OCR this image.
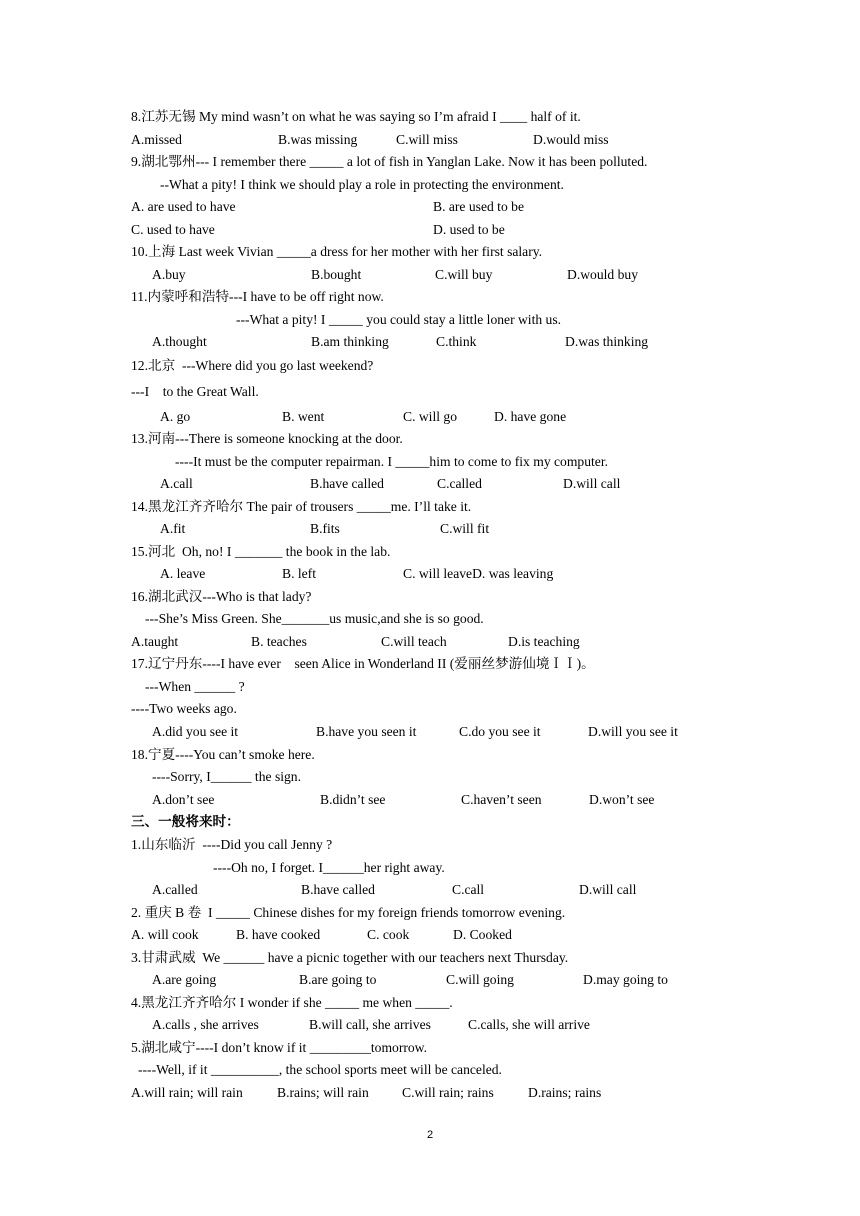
2
8.江苏无锡 My mind wasn’t on what he was saying so I’m afraid I ____ half of it.
A.missed	B.was missing	C.will miss	D.would miss
9.湖北鄂州--- I remember there _____ a lot of fish in Yanglan Lake. Now it has been polluted.
--What a pity! I think we should play a role in protecting the environment.
A. are used to have	B. are used to be
C. used to have	D. used to be
10.上海 Last week Vivian _____a dress for her mother with her first salary.
A.buy	B.bought	C.will buy	D.would buy
11.内蒙呼和浩特---I have to be off right now.
---What a pity! I _____ you could stay a little loner with us.
A.thought	B.am thinking	C.think	D.was thinking
12.北京  ---Where did you go last weekend?
---I    to the Great Wall.
A. go	B. went	C. will go	D. have gone
13.河南---There is someone knocking at the door.
----It must be the computer repairman. I _____him to come to fix my computer.
A.call	B.have called	C.called	D.will call
14.黑龙江齐齐哈尔 The pair of trousers _____me. I’ll take it.
A.fit	B.fits	C.will fit
15.河北  Oh, no! I _______ the book in the lab.
A. leave	B. left	C. will leaveD. was leaving
16.湖北武汉---Who is that lady?
---She’s Miss Green. She_______us music,and she is so good.
A.taught	B. teaches	C.will teach	D.is teaching
17.辽宁丹东----I have ever    seen Alice in Wonderland II (爱丽丝梦游仙境ＩＩ)。
---When ______ ?
----Two weeks ago.
A.did you see it	B.have you seen it	C.do you see it	D.will you see it
18.宁夏----You can’t smoke here.
----Sorry, I______ the sign.
A.don’t see	B.didn’t see	C.haven’t seen	D.won’t see
三、一般将来时：
1.山东临沂  ----Did you call Jenny ?
----Oh no, I forget. I______her right away.
A.called	B.have called	C.call	D.will call
2. 重庆 B 卷  I _____ Chinese dishes for my foreign friends tomorrow evening.
A. will cook	B. have cooked	C. cook	D. Cooked
3.甘肃武威  We ______ have a picnic together with our teachers next Thursday.
A.are going	B.are going to	C.will going	D.may going to
4.黑龙江齐齐哈尔 I wonder if she _____ me when _____.
A.calls , she arrives	B.will call, she arrives	C.calls, she will arrive
5.湖北咸宁----I don’t know if it _________tomorrow.
----Well, if it __________, the school sports meet will be canceled.
A.will rain; will rain	B.rains; will rain C.will rain; rains	D.rains; rains
